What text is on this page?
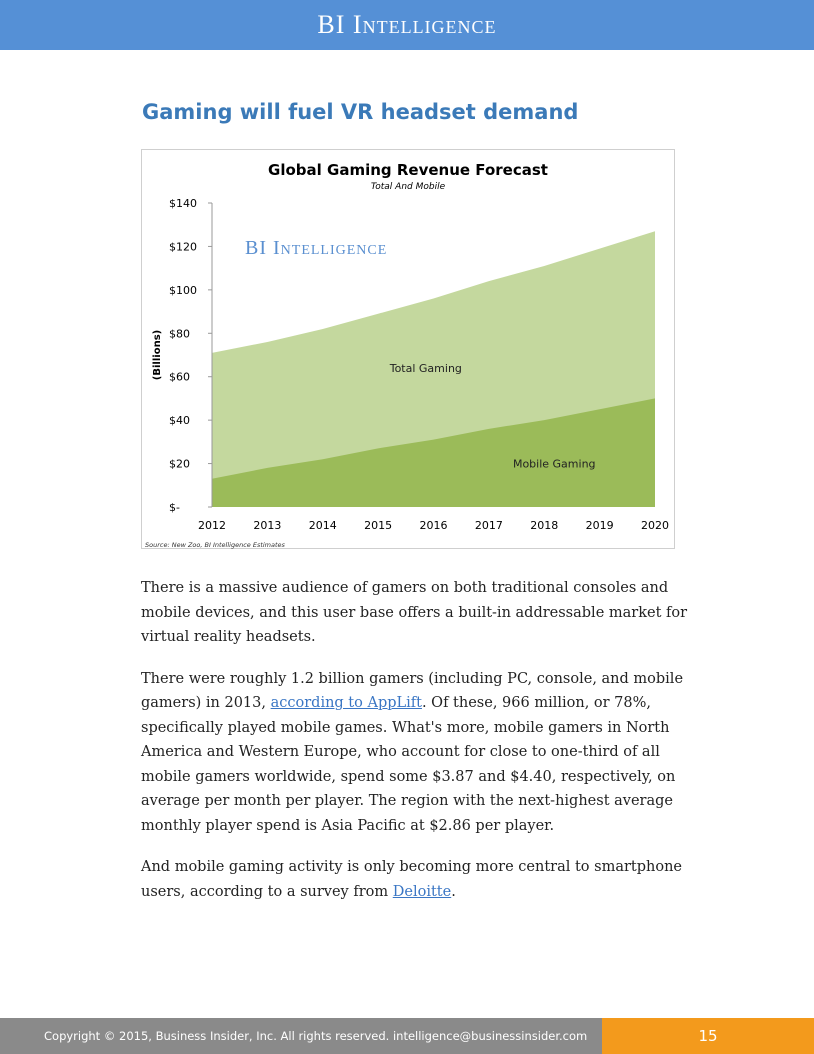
BI Intelligence
Gaming will fuel VR headset demand
Global Gaming Revenue Forecast
Total And Mobile
BI Intelligence
(Billions)
$-
$20
$40
$60
$80
$100
$120
$140
2012 2013 2014 2015 2016 2017 2018 2019 2020
Total Gaming
Mobile Gaming
Source: New Zoo, BI Intelligence Estimates

There is a massive audience of gamers on both traditional consoles and mobile devices, and this user base offers a built-in addressable market for virtual reality headsets.

There were roughly 1.2 billion gamers (including PC, console, and mobile gamers) in 2013, according to AppLift. Of these, 966 million, or 78%, specifically played mobile games. What's more, mobile gamers in North America and Western Europe, who account for close to one-third of all mobile gamers worldwide, spend some $3.87 and $4.40, respectively, on average per month per player. The region with the next-highest average monthly player spend is Asia Pacific at $2.86 per player.

And mobile gaming activity is only becoming more central to smartphone users, according to a survey from Deloitte.

Copyright © 2015, Business Insider, Inc. All rights reserved. intelligence@businessinsider.com	15
